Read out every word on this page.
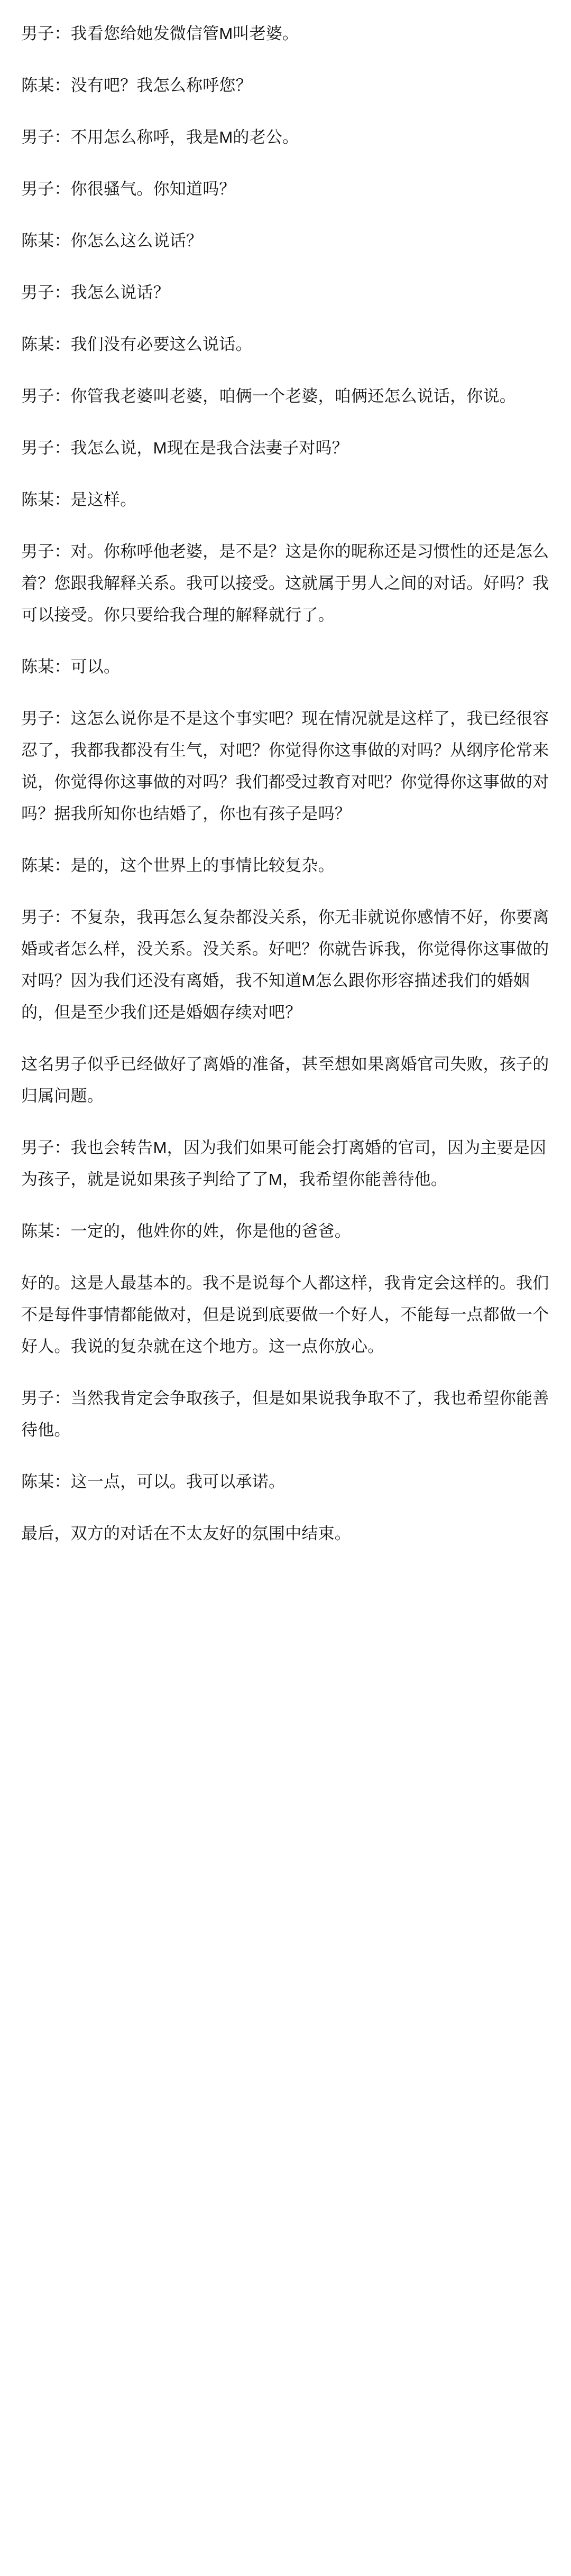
男子：我看您给她发微信管M叫老婆。

陈某：没有吧？我怎么称呼您？

男子：不用怎么称呼，我是M的老公。

男子：你很骚气。你知道吗？

陈某：你怎么这么说话？

男子：我怎么说话？

陈某：我们没有必要这么说话。

男子：你管我老婆叫老婆，咱俩一个老婆，咱俩还怎么说话，你说。

男子：我怎么说，M现在是我合法妻子对吗？

陈某：是这样。

男子：对。你称呼他老婆，是不是？这是你的昵称还是习惯性的还是怎么着？您跟我解释关系。我可以接受。这就属于男人之间的对话。好吗？我可以接受。你只要给我合理的解释就行了。

陈某：可以。

男子：这怎么说你是不是这个事实吧？现在情况就是这样了，我已经很容忍了，我都我都没有生气，对吧？你觉得你这事做的对吗？从纲序伦常来说，你觉得你这事做的对吗？我们都受过教育对吧？你觉得你这事做的对吗？据我所知你也结婚了，你也有孩子是吗？

陈某：是的，这个世界上的事情比较复杂。

男子：不复杂，我再怎么复杂都没关系，你无非就说你感情不好，你要离婚或者怎么样，没关系。没关系。好吧？你就告诉我，你觉得你这事做的对吗？因为我们还没有离婚，我不知道M怎么跟你形容描述我们的婚姻的，但是至少我们还是婚姻存续对吧？

这名男子似乎已经做好了离婚的准备，甚至想如果离婚官司失败，孩子的归属问题。

男子：我也会转告M，因为我们如果可能会打离婚的官司，因为主要是因为孩子，就是说如果孩子判给了了M，我希望你能善待他。

陈某：一定的，他姓你的姓，你是他的爸爸。

好的。这是人最基本的。我不是说每个人都这样，我肯定会这样的。我们不是每件事情都能做对，但是说到底要做一个好人，不能每一点都做一个好人。我说的复杂就在这个地方。这一点你放心。

男子：当然我肯定会争取孩子，但是如果说我争取不了，我也希望你能善待他。

陈某：这一点，可以。我可以承诺。

最后，双方的对话在不太友好的氛围中结束。
